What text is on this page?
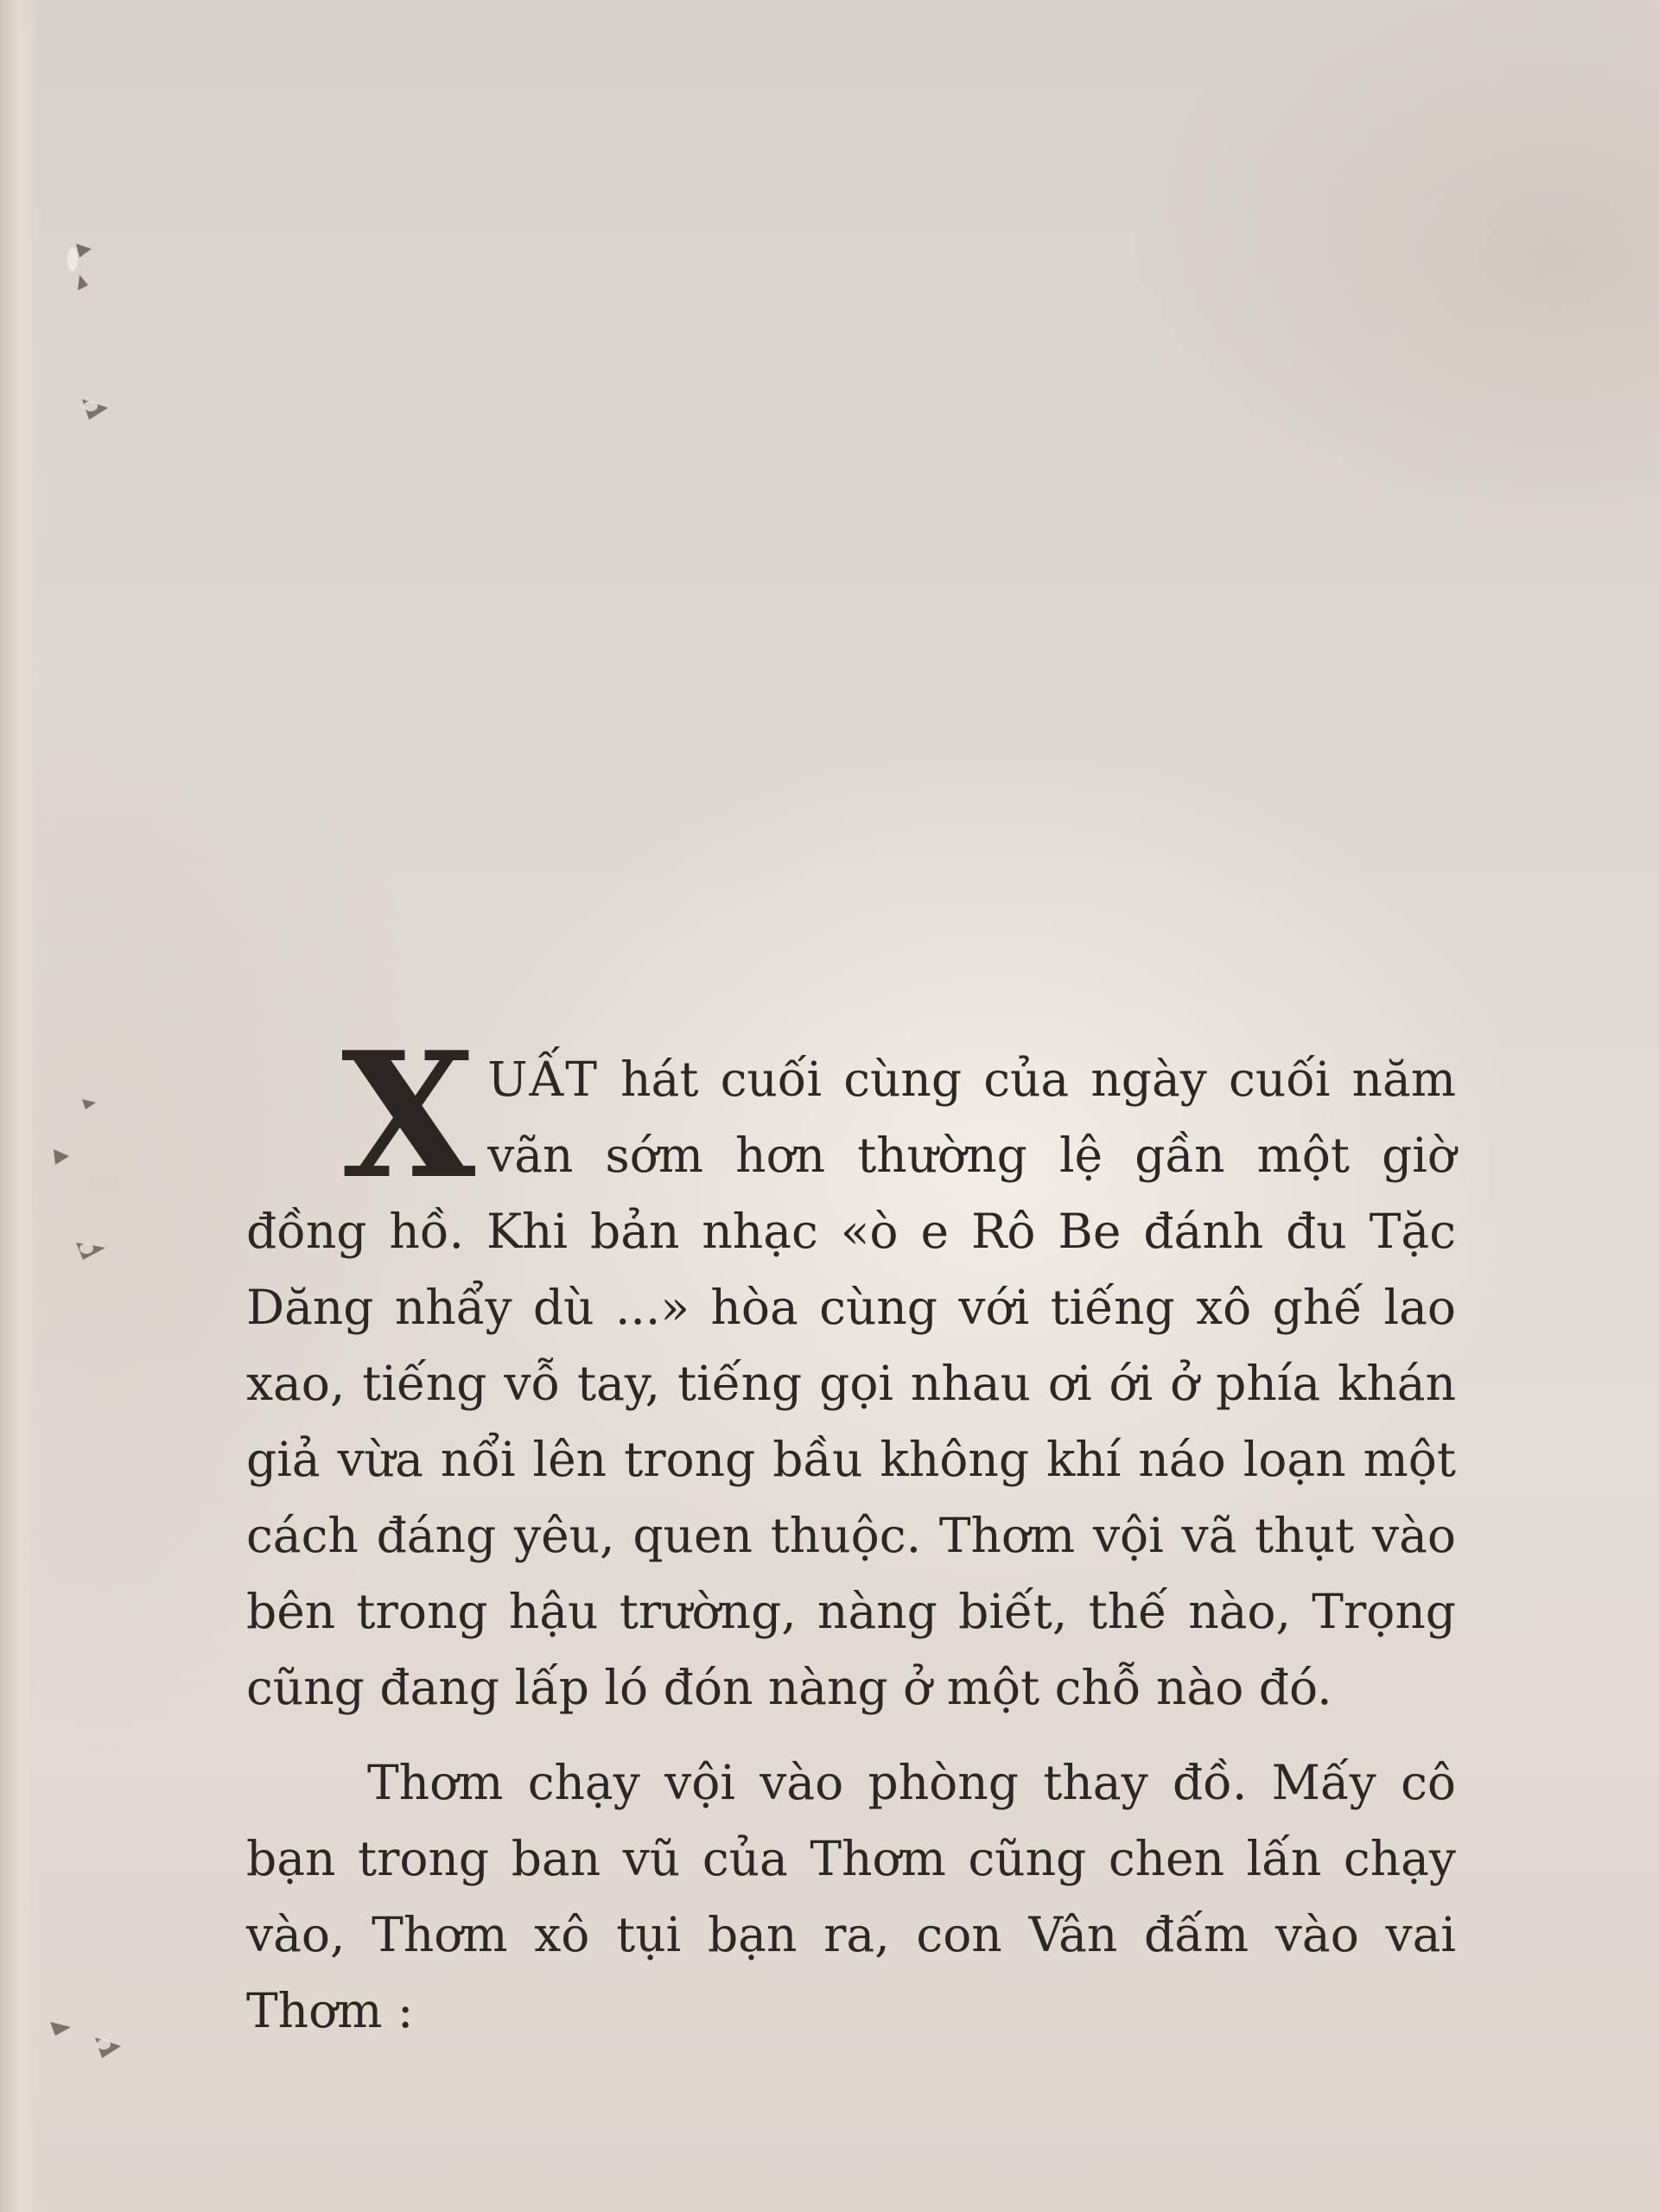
XUẤT hát cuối cùng của ngày cuối năm vãn sớm hơn thường lệ gần một giờ đồng hồ. Khi bản nhạc «ò e Rô Be đánh đu Tặc Dăng nhẩy dù ...» hòa cùng với tiếng xô ghế lao xao, tiếng vỗ tay, tiếng gọi nhau ơi ới ở phía khán giả vừa nổi lên trong bầu không khí náo loạn một cách đáng yêu, quen thuộc. Thơm vội vã thụt vào bên trong hậu trường, nàng biết, thế nào, Trọng cũng đang lấp ló đón nàng ở một chỗ nào đó.

Thơm chạy vội vào phòng thay đồ. Mấy cô bạn trong ban vũ của Thơm cũng chen lấn chạy vào, Thơm xô tụi bạn ra, con Vân đấm vào vai Thơm :
